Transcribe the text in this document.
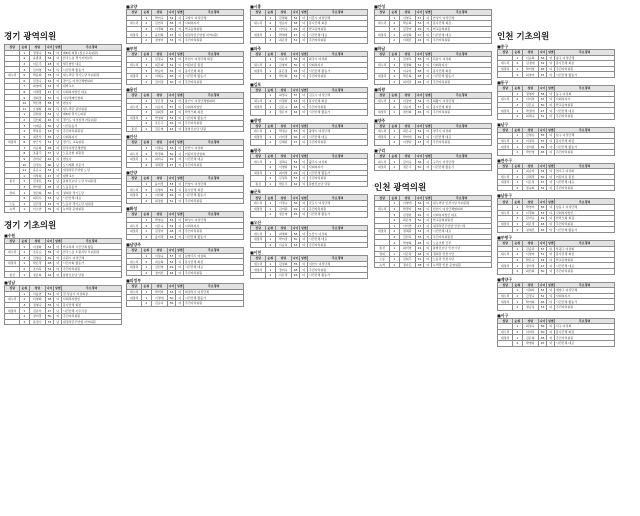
경기 광역의원
정당	순위	성명	나이	성별	주요경력
	1	정명숙	59	여	제8대 의원 (정보교육위원)
	2	윤종필	56	여	한국노총 경기지역본부
	3	이은주	48	여	세무법인 대표
	4	김미영	51	여	시민단체 활동가
새누리	5	박윤희	55	여	새누리당 경기도당 부위원장
	6	김정숙	61	여	경기도 여성단체협의회
	7	최영애	54	여	대학교수
	8	이혜경	47	여	사회복지법인 대표
	9	정희정	50	여	여성경제인협회
	10	박선영	58	여	변호사
	11	오영희	49	여	새누리당 중앙위원
	1	김현삼	52	남	제8대 경기도의원
	2	김선희	46	여	경기도 여성정책 자문위원
	3	이재준	50	남	시민운동가
	4	박옥분	53	여	주민자치위원장
	5	최만식	55	남	사회복지사
새정치	6	양근서	51	남	경기도 교육위원
	7	이순희	48	여	한국여성단체연합
	8	조광주	57	남	노동조합 위원장
	9	권미나	44	여	변호사
	10	김경호	60	남	도시계획 전문가
	11	윤은숙	52	여	새정치민주연합 도당
	1	이상희	47	여	대학교수
통진	2	김정호	53	남	통합진보당 도당 부위원장
	3	박미란	45	여	노동운동가
정의	1	정진희	50	여	정의당 경기도당
	2	최덕수	54	남	시민단체 대표
노동	1	김민정	42	여	노동당 경기도당 위원장
녹색	1	이소연	39	여	녹색당 운영위원
경기 기초의원
■수원
정당	순위	성명	나이	성별	주요경력
	1	이정희	52	여	학교폭력 시민단체 활동
새누리	2	조문순	56	여	한국노총 수원지부 부위원장
	3	김영순	49	여	수원시 여성단체
새정치	1	박은경	48	여	시민사회 활동가
	2	조미옥	54	여	주민자치위원
통진	1	정은희	44	여	통합진보당 당원
■성남
정당	순위	성명	나이	성별	주요경력
	1	이승연	51	여	전 성남시 여성회장
새누리	2	이영희	58	여	사회복지법인
	3	정영숙	55	여	봉사단체 회장
새정치	1	김유석	47	남	시민단체 사무국장
	2	정미경	50	여	주민자치위원
	3	윤정수	53	남	새정치민주연합 지역위원
■고양
정당	순위	성명	나이	성별	주요경력
	1	박미숙	52	여	고양시 여성단체
새누리	2	김연옥	56	여	사회복지사
	3	이경희	49	여	학교운영위원
새정치	1	윤선희	47	여	새정치민주연합 지역위원
	2	정영미	53	여	주민자치위원
■부천
정당	순위	성명	나이	성별	주요경력
	1	김정숙	58	여	부천시 여성단체 회장
새누리	2	최은희	51	여	어린이집 원장
	3	박순자	55	여	봉사단체 회장
새정치	1	이혜숙	46	여	시민단체 활동가
	2	김미정	50	여	주민자치위원
■용인
정당	순위	성명	나이	성별	주요경력
	1	강은경	54	여	용인시 여성단체협의회
새누리	2	이순자	57	여	사회복지법인
	3	김희정	48	여	학부모회 회장
새정치	1	박정희	52	여	시민사회 활동가
	2	조은주	45	여	주민자치위원
통진	1	김은영	43	여	통합진보당 당원
■안산
정당	순위	성명	나이	성별	주요경력
	1	이명숙	56	여	안산시 여성회
새누리	2	박경희	50	여	어린이집연합회
새정치	1	최미숙	49	여	시민단체 대표
	2	정혜경	47	여	주민자치위원
■안양
정당	순위	성명	나이	성별	주요경력
	1	윤미경	53	여	안양시 여성단체
새누리	2	김영자	59	여	봉사단체 회장
새정치	1	이선화	46	여	시민단체 활동가
	2	최정임	51	여	주민자치위원
■화성
정당	순위	성명	나이	성별	주요경력
	1	박영순	55	여	화성시 여성단체
새누리	2	이은숙	52	여	사회복지사
새정치	1	김정미	48	여	주민자치위원
	2	송미경	44	여	시민단체 활동가
■남양주
정당	순위	성명	나이	성별	주요경력
	1	이정숙	57	여	남양주시 여성회
새누리	2	최순희	54	여	봉사단체 회장
새정치	1	김선영	49	여	시민단체 대표
	2	정미선	46	여	주민자치위원
■의정부
정당	순위	성명	나이	성별	주요경력
새누리	1	박미라	53	여	의정부시 여성단체
새정치	1	이경애	50	여	시민단체 활동가
	2	김순옥	56	여	주민자치위원
■시흥
정당	순위	성명	나이	성별	주요경력
	1	김명희	54	여	시흥시 여성단체
새누리	2	정순자	58	여	봉사단체 회장
	3	이미숙	49	여	학교운영위원
새정치	1	박혜영	47	여	시민단체 대표
	2	최은정	51	여	주민자치위원
■파주
정당	순위	성명	나이	성별	주요경력
	1	이순덕	56	여	파주시 여성회
새누리	2	김영미	50	여	사회복지사
새정치	1	윤은정	45	여	시민단체 활동가
	2	박선희	52	여	주민자치위원
■김포
정당	순위	성명	나이	성별	주요경력
	1	최영숙	57	여	김포시 여성단체
새누리	2	이정란	53	여	봉사단체 회장
새정치	1	김은숙	48	여	주민자치위원
	2	정은미	44	여	시민단체 활동가
■광명
정당	순위	성명	나이	성별	주요경력
새누리	1	박정순	55	여	광명시 여성단체
새정치	1	이미경	50	여	시민단체 대표
	2	김혜란	47	여	주민자치위원
■광주
정당	순위	성명	나이	성별	주요경력
새누리	1	정혜숙	54	여	광주시 여성회
	2	이영란	51	여	사회복지사
새정치	1	최미영	46	여	시민단체 활동가
	2	김정옥	53	여	주민자치위원
통진	1	박은주	42	여	통합진보당 당원
■군포
정당	순위	성명	나이	성별	주요경력
새누리	1	이경숙	56	여	군포시 여성단체
새정치	1	김미란	49	여	주민자치위원
	2	정은영	45	여	시민단체 활동가
■오산
정당	순위	성명	나이	성별	주요경력
새누리	1	최영희	58	여	오산시 여성회
새정치	1	박미정	50	여	시민단체 대표
	2	이순옥	53	여	주민자치위원
■이천
정당	순위	성명	나이	성별	주요경력
새누리	1	김정희	55	여	이천시 여성단체
새정치	1	정미숙	48	여	주민자치위원
	2	이은경	46	여	시민단체 활동가
■안성
정당	순위	성명	나이	성별	주요경력
	1	이영숙	57	여	안성시 여성단체
새누리	2	박순희	53	여	봉사단체 회장
	3	김경미	49	여	학교운영위원
새정치	1	최정희	47	여	시민단체 대표
	2	이혜진	44	여	주민자치위원
■하남
정당	순위	성명	나이	성별	주요경력
	1	김영옥	55	여	하남시 여성회
새누리	2	정명희	51	여	사회복지사
	3	이숙자	58	여	봉사단체 회장
새정치	1	박은희	48	여	시민단체 활동가
	2	최미라	45	여	주민자치위원
■의왕
정당	순위	성명	나이	성별	주요경력
새누리	1	이정미	54	여	의왕시 여성단체
	2	김순자	57	여	봉사단체 회장
새정치	1	정선희	46	여	주민자치위원
■양주
정당	순위	성명	나이	성별	주요경력
새누리	1	최은숙	52	여	양주시 여성회
새정치	1	박미애	49	여	시민단체 대표
	2	이경란	47	여	주민자치위원
■구리
정당	순위	성명	나이	성별	주요경력
새누리	1	김미숙	56	여	구리시 여성단체
새정치	1	정은주	50	여	시민단체 활동가
인천 광역의원
정당	순위	성명	나이	성별	주요경력
	1	이영애	54	여	새누리당 인천시당 부위원장
새누리	2	박경자	58	여	인천시 여성단체협의회
	3	김정란	49	여	사회복지법인 대표
	4	최은영	52	여	학교운영위원장
	1	이미연	47	여	새정치민주연합 인천시당
새정치	2	정혜원	51	여	시민단체 대표
	3	김선옥	55	여	주민자치위원장
	4	박영희	48	여	노동조합 간부
통진	1	최미영	44	여	통합진보당 인천시당
정의	1	이은하	46	여	정의당 인천시당
노동	1	김현주	41	여	노동당 인천시당
녹색	1	정다은	38	여	녹색당 인천 운영위원
인천 기초의원
■중구
정당	순위	성명	나이	성별	주요경력
	1	이순희	56	여	중구 여성단체
새누리	2	김정애	52	여	봉사단체 회장
새정치	1	박미영	48	여	주민자치위원
	2	최영미	45	여	시민단체 활동가
■동구
정당	순위	성명	나이	성별	주요경력
	1	정영자	58	여	동구 여성회
새누리	2	이미라	53	여	사회복지사
	3	김은순	50	여	학교운영위원
새정치	1	박정애	47	여	시민단체 대표
	2	최혜숙	51	여	주민자치위원
■남구
정당	순위	성명	나이	성별	주요경력
	1	김영순	55	여	남구 여성단체
새누리	2	이정옥	57	여	봉사단체 회장
새정치	1	정미란	49	여	시민단체 활동가
	2	박선영	46	여	주민자치위원
■연수구
정당	순위	성명	나이	성별	주요경력
	1	최순자	54	여	연수구 여성회
새누리	2	김혜경	50	여	어린이집 원장
새정치	1	이은정	47	여	시민단체 대표
	2	정숙희	52	여	주민자치위원
■남동구
정당	순위	성명	나이	성별	주요경력
	1	박영미	56	여	남동구 여성단체
새누리	2	이경희	53	여	사회복지법인
	3	김미순	49	여	학부모회 회장
새정치	1	최은경	48	여	주민자치위원
	2	정혜진	45	여	시민단체 활동가
■부평구
정당	순위	성명	나이	성별	주요경력
	1	김순덕	57	여	부평구 여성회
새누리	2	이영미	51	여	봉사단체 회장
	3	박은숙	54	여	학교운영위원
새정치	1	정미경	47	여	시민단체 대표
	2	최선희	50	여	주민자치위원
■계양구
정당	순위	성명	나이	성별	주요경력
	1	이혜자	55	여	계양구 여성단체
새누리	2	김경숙	52	여	사회복지사
새정치	1	박미희	46	여	시민단체 활동가
	2	정순옥	53	여	주민자치위원
■서구
정당	순위	성명	나이	성별	주요경력
	1	최정숙	56	여	서구 여성회
새누리	2	이미옥	50	여	봉사단체 회장
새정치	1	김은희	48	여	주민자치위원
	2	박영란	45	여	시민단체 대표
